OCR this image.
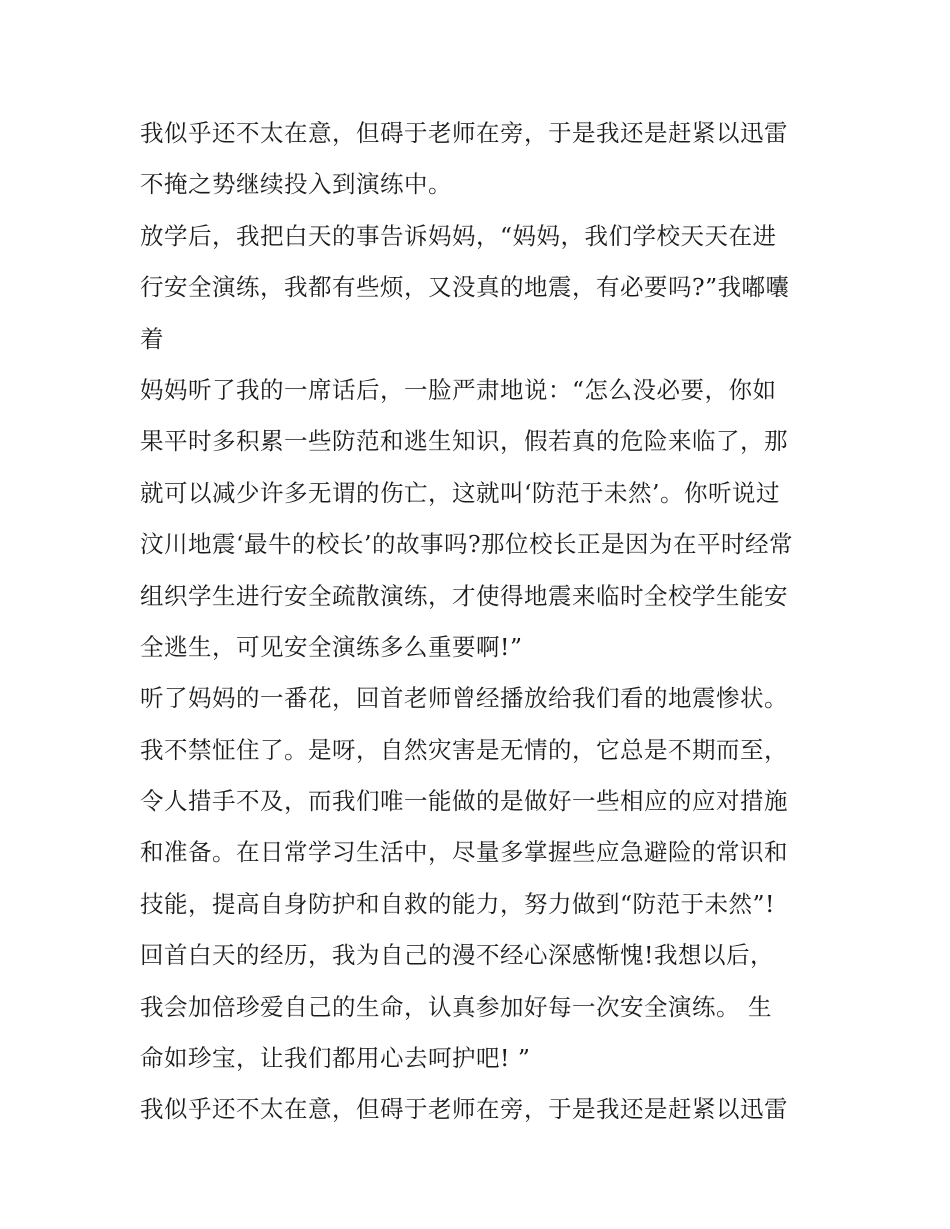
我似乎还不太在意，但碍于老师在旁，于是我还是赶紧以迅雷
不掩之势继续投入到演练中。
放学后，我把白天的事告诉妈妈，“妈妈，我们学校天天在进
行安全演练，我都有些烦，又没真的地震，有必要吗?”我嘟囔
着
妈妈听了我的一席话后，一脸严肃地说：“怎么没必要，你如
果平时多积累一些防范和逃生知识，假若真的危险来临了，那
就可以减少许多无谓的伤亡，这就叫‘防范于未然’。你听说过
汶川地震‘最牛的校长’的故事吗?那位校长正是因为在平时经常
组织学生进行安全疏散演练，才使得地震来临时全校学生能安
全逃生，可见安全演练多么重要啊!”
听了妈妈的一番花，回首老师曾经播放给我们看的地震惨状。
我不禁怔住了。是呀，自然灾害是无情的，它总是不期而至，
令人措手不及，而我们唯一能做的是做好一些相应的应对措施
和准备。在日常学习生活中，尽量多掌握些应急避险的常识和
技能，提高自身防护和自救的能力，努力做到“防范于未然”!
回首白天的经历，我为自己的漫不经心深感惭愧!我想以后，
我会加倍珍爱自己的生命，认真参加好每一次安全演练。 生
命如珍宝，让我们都用心去呵护吧! ”
我似乎还不太在意，但碍于老师在旁，于是我还是赶紧以迅雷
